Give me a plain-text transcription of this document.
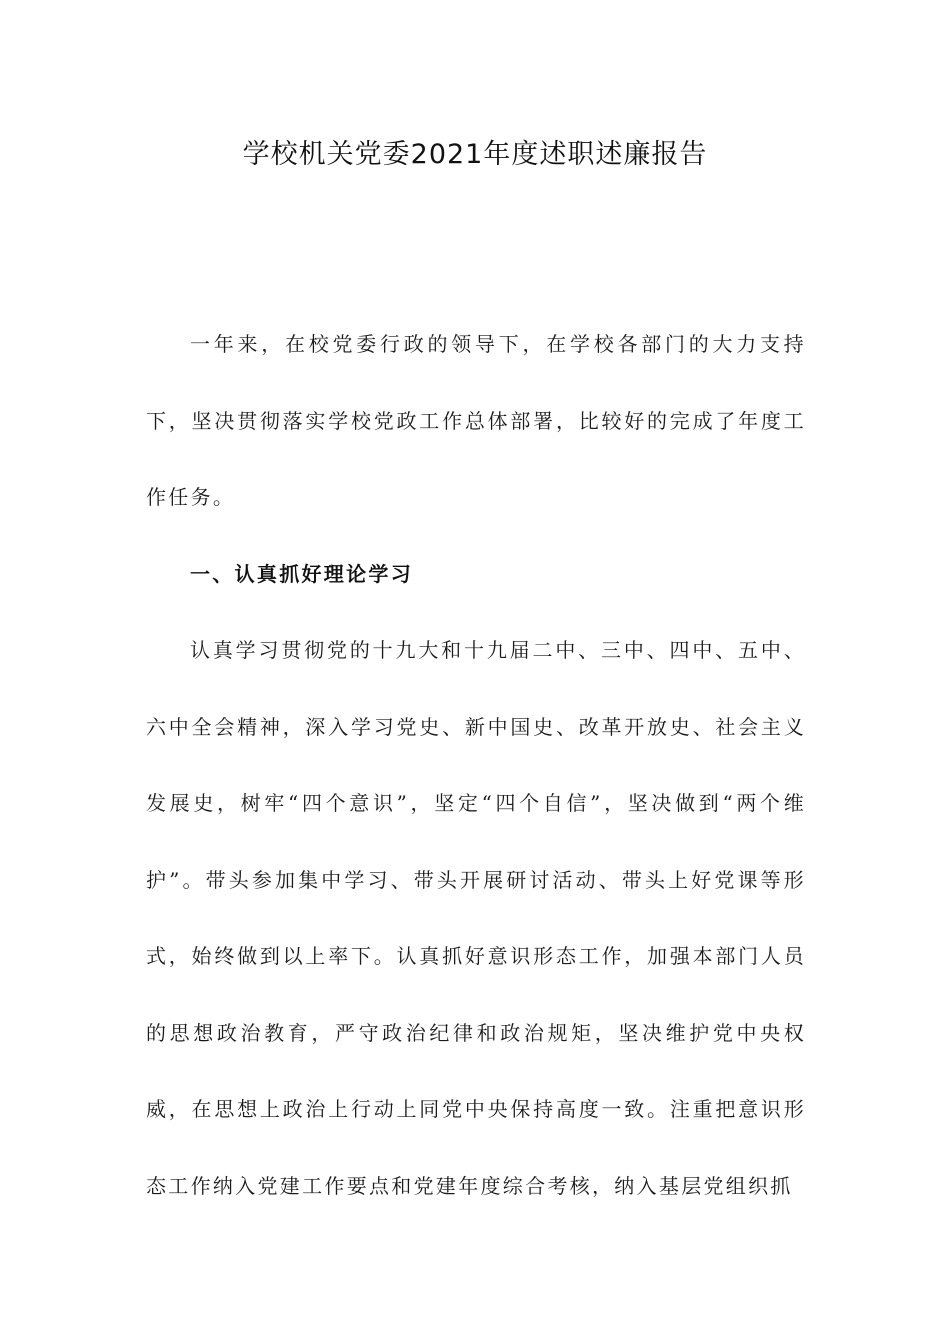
学校机关党委2021年度述职述廉报告

一年来，在校党委行政的领导下，在学校各部门的大力支持下，坚决贯彻落实学校党政工作总体部署，比较好的完成了年度工作任务。

一、认真抓好理论学习

认真学习贯彻党的十九大和十九届二中、三中、四中、五中、六中全会精神，深入学习党史、新中国史、改革开放史、社会主义发展史，树牢“四个意识”，坚定“四个自信”，坚决做到“两个维护”。带头参加集中学习、带头开展研讨活动、带头上好党课等形式，始终做到以上率下。认真抓好意识形态工作，加强本部门人员的思想政治教育，严守政治纪律和政治规矩，坚决维护党中央权威，在思想上政治上行动上同党中央保持高度一致。注重把意识形态工作纳入党建工作要点和党建年度综合考核，纳入基层党组织抓
